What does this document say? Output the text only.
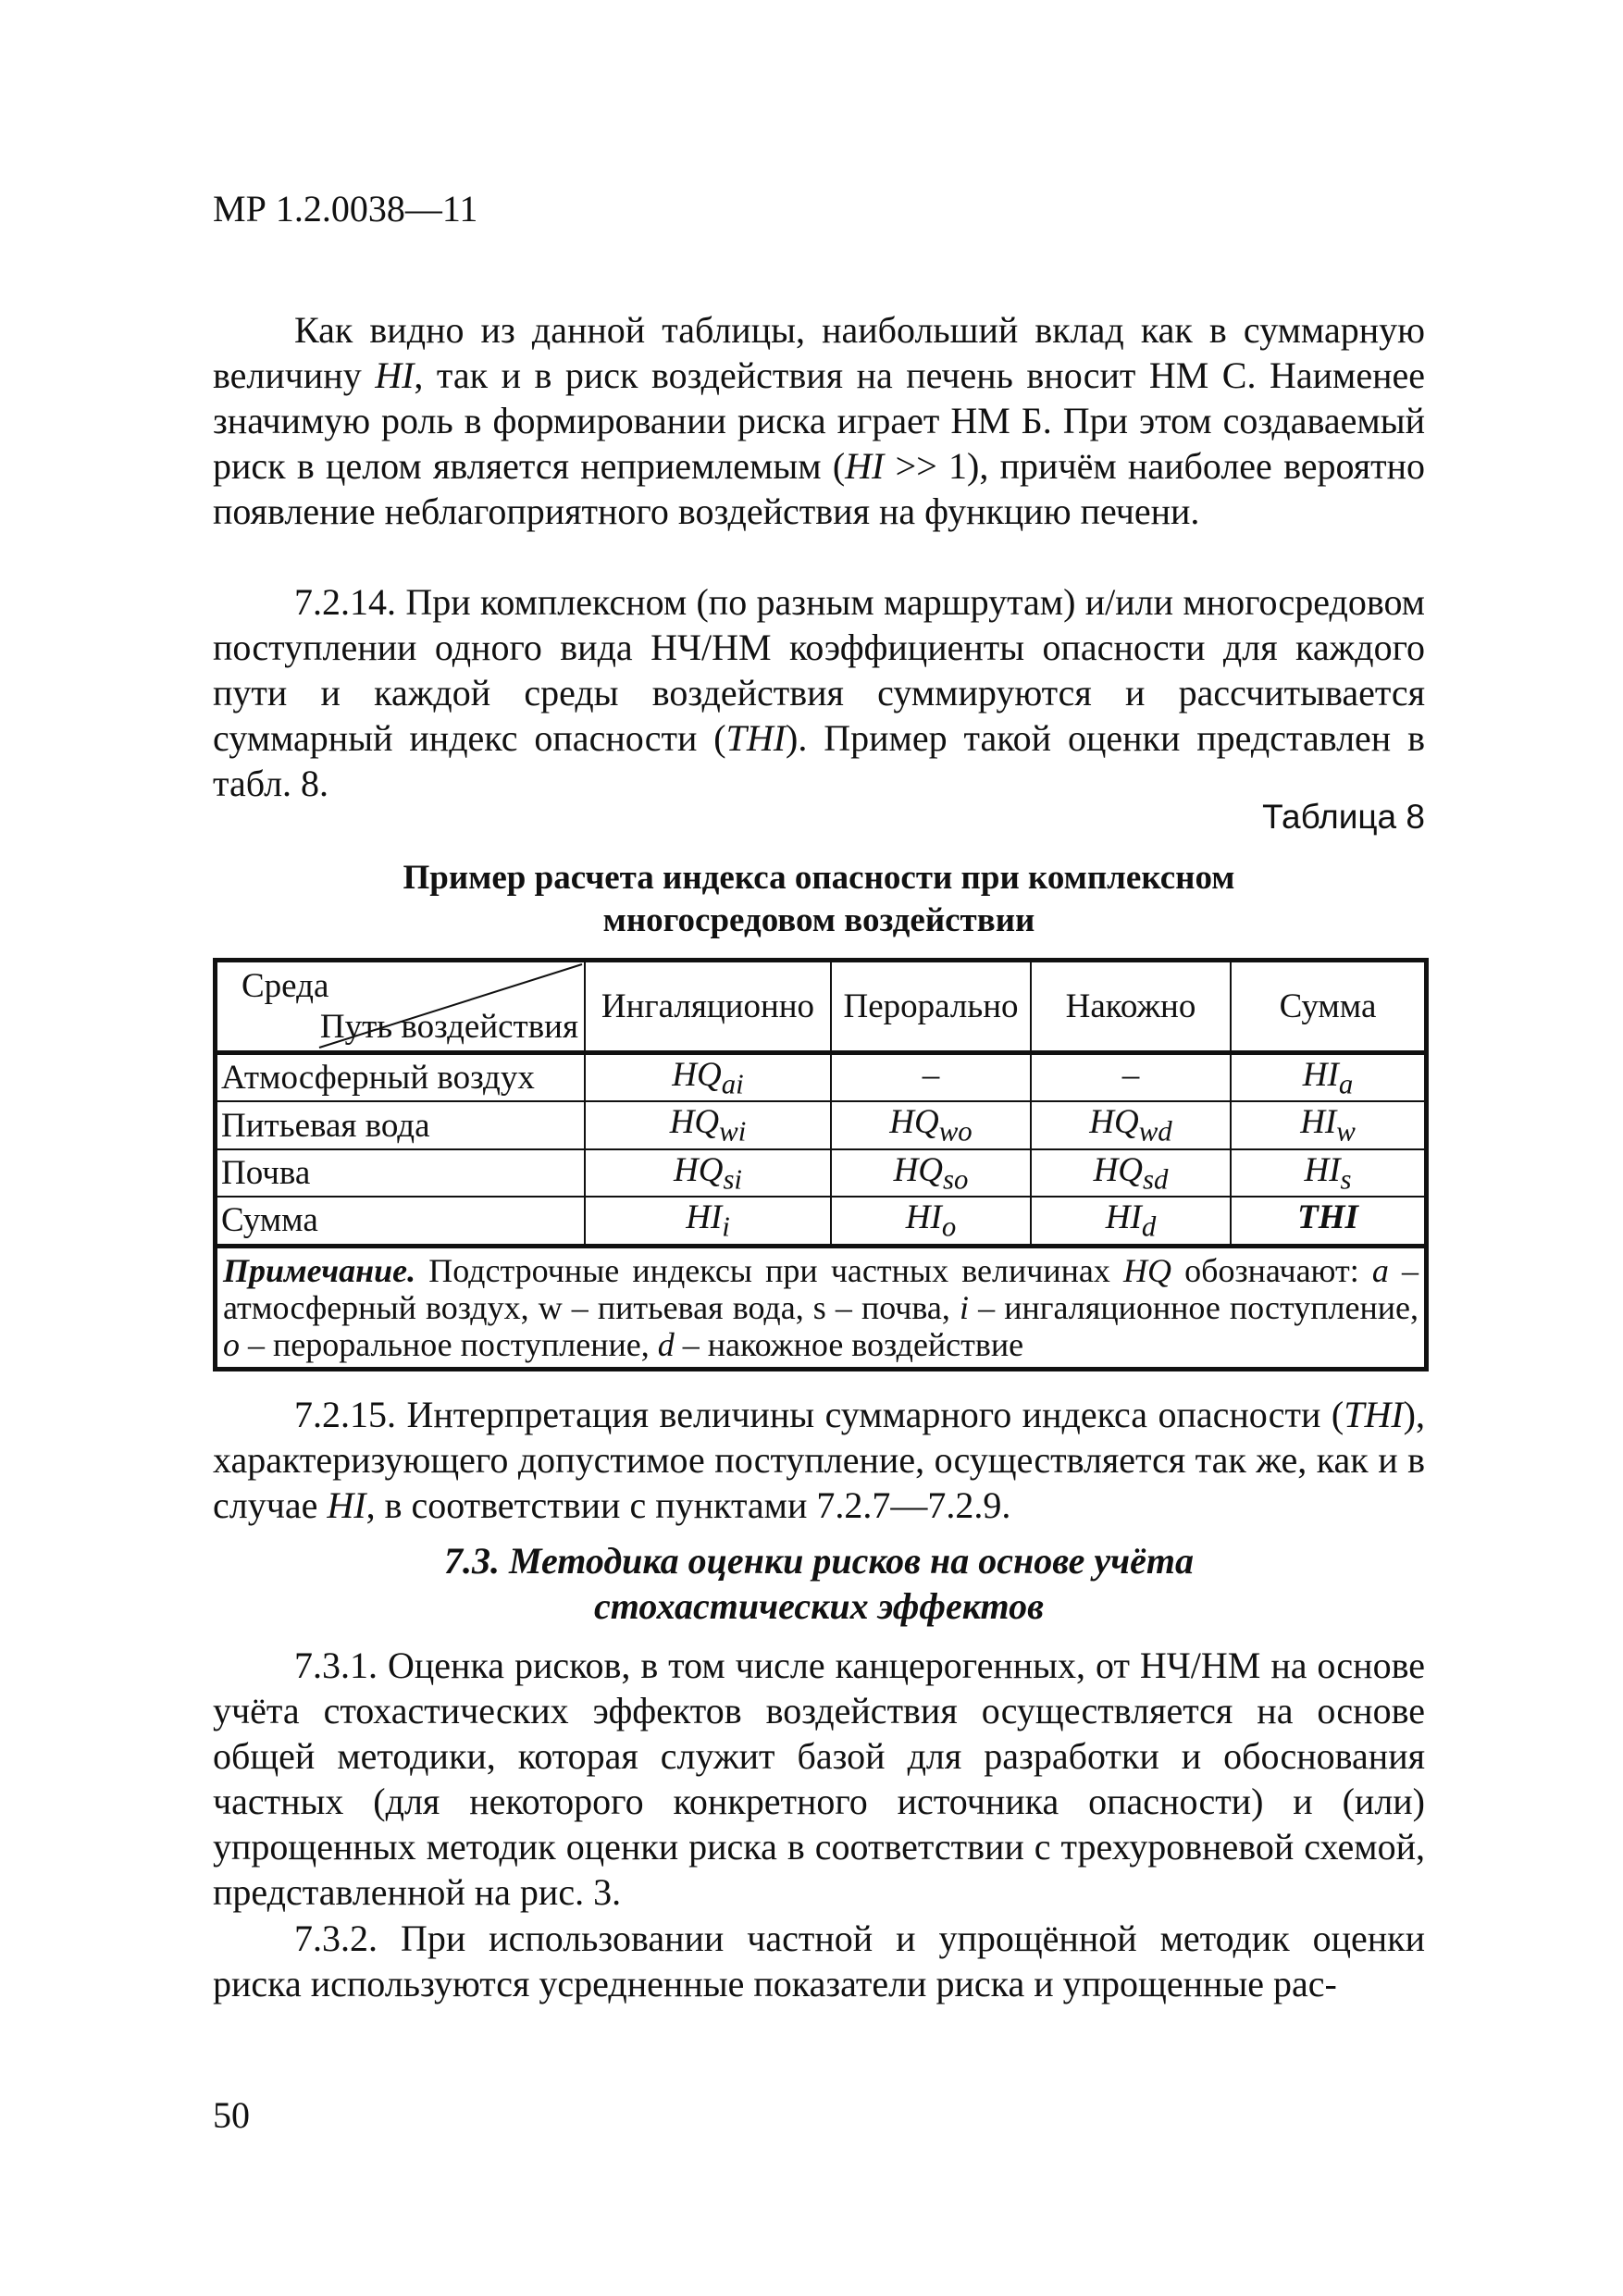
МР 1.2.0038—11
Как видно из данной таблицы, наибольший вклад как в суммарную величину HI, так и в риск воздействия на печень вносит НМ С. Наименее значимую роль в формировании риска играет НМ Б. При этом создаваемый риск в целом является неприемлемым (HI >> 1), причём наиболее вероятно появление неблагоприятного воздействия на функцию печени.
7.2.14. При комплексном (по разным маршрутам) и/или многосредовом поступлении одного вида НЧ/НМ коэффициенты опасности для каждого пути и каждой среды воздействия суммируются и рассчитывается суммарный индекс опасности (THI). Пример такой оценки представлен в табл. 8.
Таблица 8
Пример расчета индекса опасности при комплексном
многосредовом воздействии
Среда
Путь воздействия	Ингаляционно	Перорально	Накожно	Сумма
Атмосферный воздух	$HQ_{ai}$	–	–	$HI_a$
Питьевая вода	$HQ_{wi}$	$HQ_{wo}$	$HQ_{wd}$	$HI_w$
Почва	$HQ_{si}$	$HQ_{so}$	$HQ_{sd}$	$HI_s$
Сумма	$HI_i$	$HI_o$	$HI_d$	THI
Примечание. Подстрочные индексы при частных величинах HQ обозначают: a – атмосферный воздух, w – питьевая вода, s – почва, i – ингаляционное поступление, o – пероральное поступление, d – накожное воздействие				
7.2.15. Интерпретация величины суммарного индекса опасности (THI), характеризующего допустимое поступление, осуществляется так же, как и в случае HI, в соответствии с пунктами 7.2.7—7.2.9.
7.3. Методика оценки рисков на основе учёта
стохастических эффектов
7.3.1. Оценка рисков, в том числе канцерогенных, от НЧ/НМ на основе учёта стохастических эффектов воздействия осуществляется на основе общей методики, которая служит базой для разработки и обоснования частных (для некоторого конкретного источника опасности) и (или) упрощенных методик оценки риска в соответствии с трехуровневой схемой, представленной на рис. 3.
7.3.2. При использовании частной и упрощённой методик оценки риска используются усредненные показатели риска и упрощенные рас-
50
